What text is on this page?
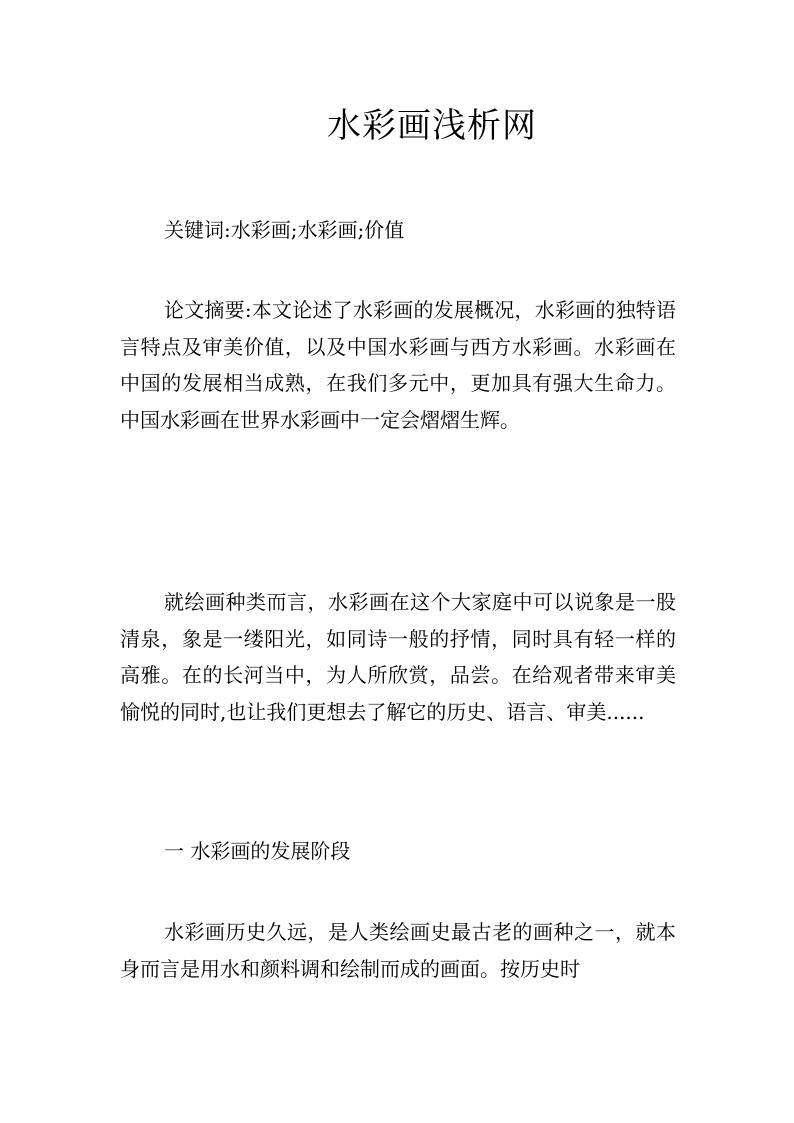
水彩画浅析网

关键词:水彩画;水彩画;价值

论文摘要:本文论述了水彩画的发展概况，水彩画的独特语言特点及审美价值，以及中国水彩画与西方水彩画。水彩画在中国的发展相当成熟，在我们多元中，更加具有强大生命力。中国水彩画在世界水彩画中一定会熠熠生辉。

就绘画种类而言，水彩画在这个大家庭中可以说象是一股清泉，象是一缕阳光，如同诗一般的抒情，同时具有轻一样的高雅。在的长河当中，为人所欣赏，品尝。在给观者带来审美愉悦的同时,也让我们更想去了解它的历史、语言、审美......

一 水彩画的发展阶段

水彩画历史久远，是人类绘画史最古老的画种之一，就本身而言是用水和颜料调和绘制而成的画面。按历史时
